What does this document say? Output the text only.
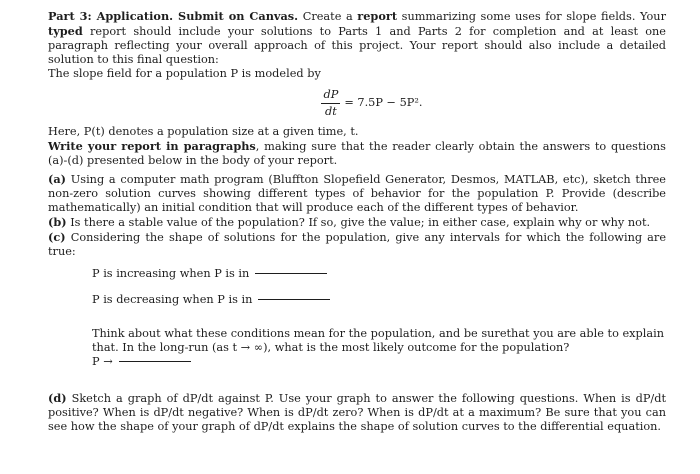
Part 3: Application. Submit on Canvas. Create a report summarizing some uses for slope fields. Your typed report should include your solutions to Parts 1 and Parts 2 for completion and at least one paragraph reflecting your overall approach of this project. Your report should also include a detailed solution to this final question:

The slope field for a population P is modeled by

$\frac{dP}{dt} = 7.5P - 5P^2$.

Here, P(t) denotes a population size at a given time, t.

Write your report in paragraphs, making sure that the reader clearly obtain the answers to questions (a)-(d) presented below in the body of your report.

(a) Using a computer math program (Bluffton Slopefield Generator, Desmos, MATLAB, etc), sketch three non-zero solution curves showing different types of behavior for the population P. Provide (describe mathematically) an initial condition that will produce each of the different types of behavior.

(b) Is there a stable value of the population? If so, give the value; in either case, explain why or why not.

(c) Considering the shape of solutions for the population, give any intervals for which the following are true:

P is increasing when P is in

P is decreasing when P is in

Think about what these conditions mean for the population, and be surethat you are able to explain that. In the long-run (as t → ∞), what is the most likely outcome for the population?

P →

(d) Sketch a graph of dP/dt against P. Use your graph to answer the following questions. When is dP/dt positive? When is dP/dt negative? When is dP/dt zero? When is dP/dt at a maximum? Be sure that you can see how the shape of your graph of dP/dt explains the shape of solution curves to the differential equation.
